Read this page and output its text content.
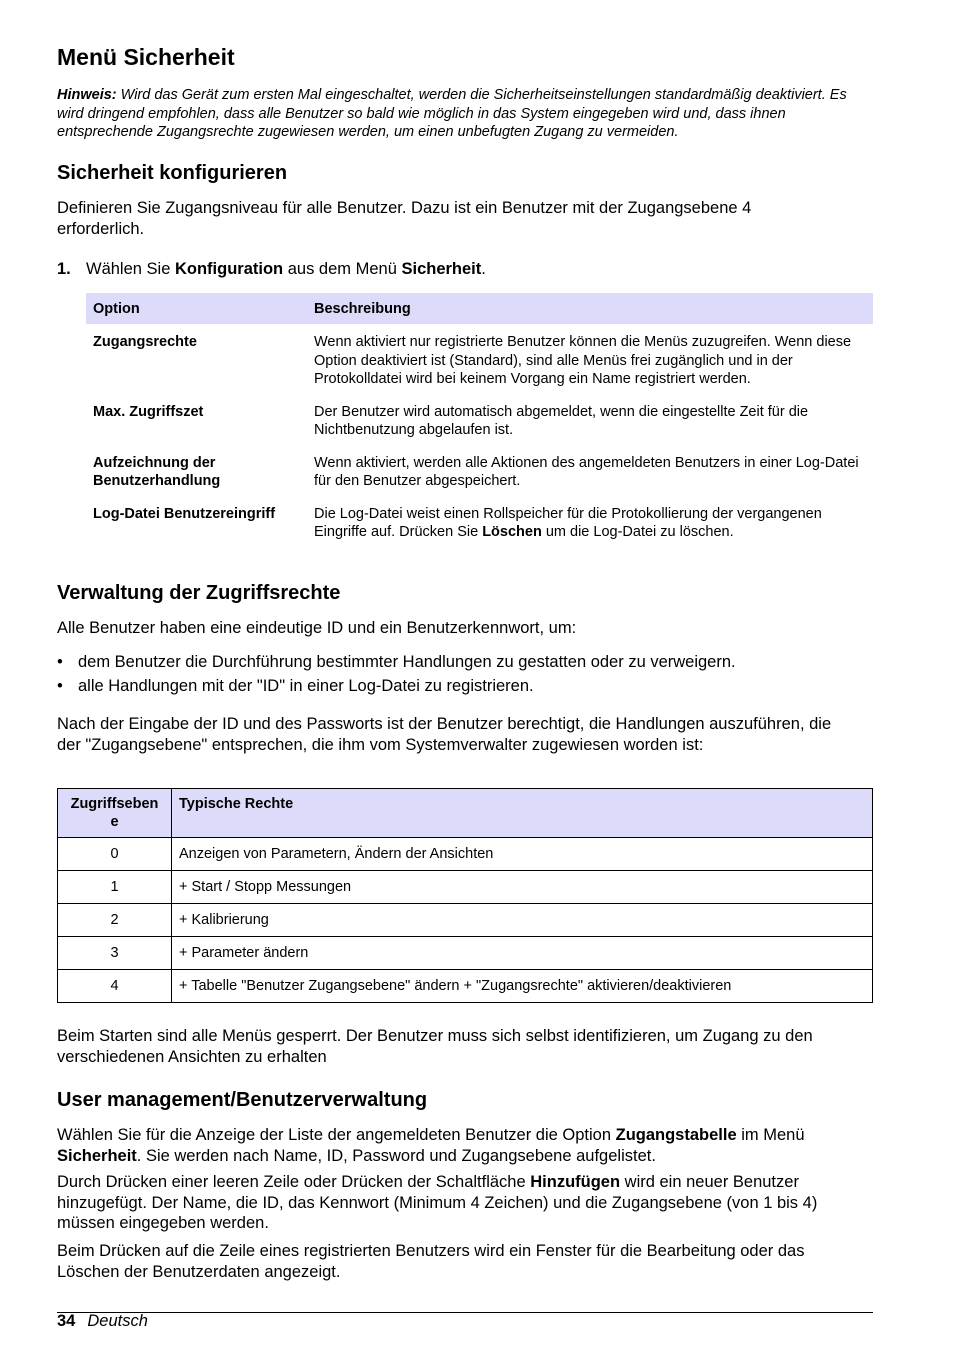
Menü Sicherheit
Hinweis: Wird das Gerät zum ersten Mal eingeschaltet, werden die Sicherheitseinstellungen standardmäßig deaktiviert. Es wird dringend empfohlen, dass alle Benutzer so bald wie möglich in das System eingegeben wird und, dass ihnen entsprechende Zugangsrechte zugewiesen werden, um einen unbefugten Zugang zu vermeiden.
Sicherheit konfigurieren

Definieren Sie Zugangsniveau für alle Benutzer. Dazu ist ein Benutzer mit der Zugangsebene 4 erforderlich.

1. Wählen Sie Konfiguration aus dem Menü Sicherheit.
Option	Beschreibung
Zugangsrechte	Wenn aktiviert nur registrierte Benutzer können die Menüs zuzugreifen. Wenn diese Option deaktiviert ist (Standard), sind alle Menüs frei zugänglich und in der Protokolldatei wird bei keinem Vorgang ein Name registriert werden.
Max. Zugriffszet	Der Benutzer wird automatisch abgemeldet, wenn die eingestellte Zeit für die Nichtbenutzung abgelaufen ist.
Aufzeichnung der Benutzerhandlung	Wenn aktiviert, werden alle Aktionen des angemeldeten Benutzers in einer Log-Datei für den Benutzer abgespeichert.
Log-Datei Benutzereingriff	Die Log-Datei weist einen Rollspeicher für die Protokollierung der vergangenen Eingriffe auf. Drücken Sie Löschen um die Log-Datei zu löschen.
Verwaltung der Zugriffsrechte

Alle Benutzer haben eine eindeutige ID und ein Benutzerkennwort, um:

• dem Benutzer die Durchführung bestimmter Handlungen zu gestatten oder zu verweigern.
• alle Handlungen mit der "ID" in einer Log-Datei zu registrieren.

Nach der Eingabe der ID und des Passworts ist der Benutzer berechtigt, die Handlungen auszuführen, die der "Zugangsebene" entsprechen, die ihm vom Systemverwalter zugewiesen worden ist:

Zugriffseben
e	Typische Rechte
0	Anzeigen von Parametern, Ändern der Ansichten
1	+ Start / Stopp Messungen
2	+ Kalibrierung
3	+ Parameter ändern
4	+ Tabelle "Benutzer Zugangsebene" ändern + "Zugangsrechte" aktivieren/deaktivieren

Beim Starten sind alle Menüs gesperrt. Der Benutzer muss sich selbst identifizieren, um Zugang zu den verschiedenen Ansichten zu erhalten

User management/Benutzerverwaltung

Wählen Sie für die Anzeige der Liste der angemeldeten Benutzer die Option Zugangstabelle im Menü Sicherheit. Sie werden nach Name, ID, Password und Zugangsebene aufgelistet.

Durch Drücken einer leeren Zeile oder Drücken der Schaltfläche Hinzufügen wird ein neuer Benutzer hinzugefügt. Der Name, die ID, das Kennwort (Minimum 4 Zeichen) und die Zugangsebene (von 1 bis 4) müssen eingegeben werden.

Beim Drücken auf die Zeile eines registrierten Benutzers wird ein Fenster für die Bearbeitung oder das Löschen der Benutzerdaten angezeigt.

34 Deutsch
